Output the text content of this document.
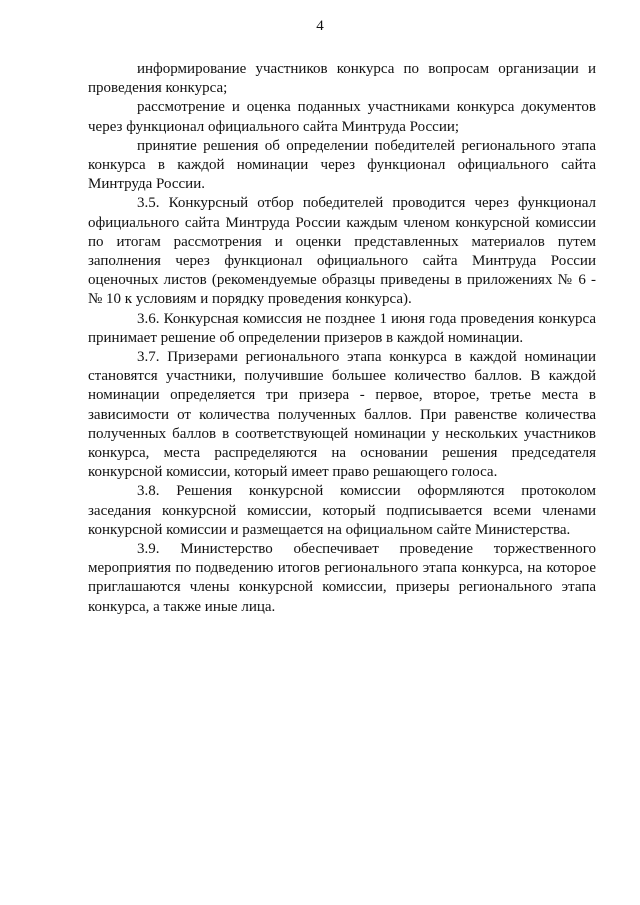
4

информирование участников конкурса по вопросам организации и проведения конкурса;

рассмотрение и оценка поданных участниками конкурса документов через функционал официального сайта Минтруда России;

принятие решения об определении победителей регионального этапа конкурса в каждой номинации через функционал официального сайта Минтруда России.

3.5. Конкурсный отбор победителей проводится через функционал официального сайта Минтруда России каждым членом конкурсной комиссии по итогам рассмотрения и оценки представленных материалов путем заполнения через функционал официального сайта Минтруда России оценочных листов (рекомендуемые образцы приведены в приложениях № 6 - № 10 к условиям и порядку проведения конкурса).

3.6. Конкурсная комиссия не позднее 1 июня года проведения конкурса принимает решение об определении призеров в каждой номинации.

3.7. Призерами регионального этапа конкурса в каждой номинации становятся участники, получившие большее количество баллов. В каждой номинации определяется три призера - первое, второе, третье места в зависимости от количества полученных баллов. При равенстве количества полученных баллов в соответствующей номинации у нескольких участников конкурса, места распределяются на основании решения председателя конкурсной комиссии, который имеет право решающего голоса.

3.8. Решения конкурсной комиссии оформляются протоколом заседания конкурсной комиссии, который подписывается всеми членами конкурсной комиссии и размещается на официальном сайте Министерства.

3.9. Министерство обеспечивает проведение торжественного мероприятия по подведению итогов регионального этапа конкурса, на которое приглашаются члены конкурсной комиссии, призеры регионального этапа конкурса, а также иные лица.
